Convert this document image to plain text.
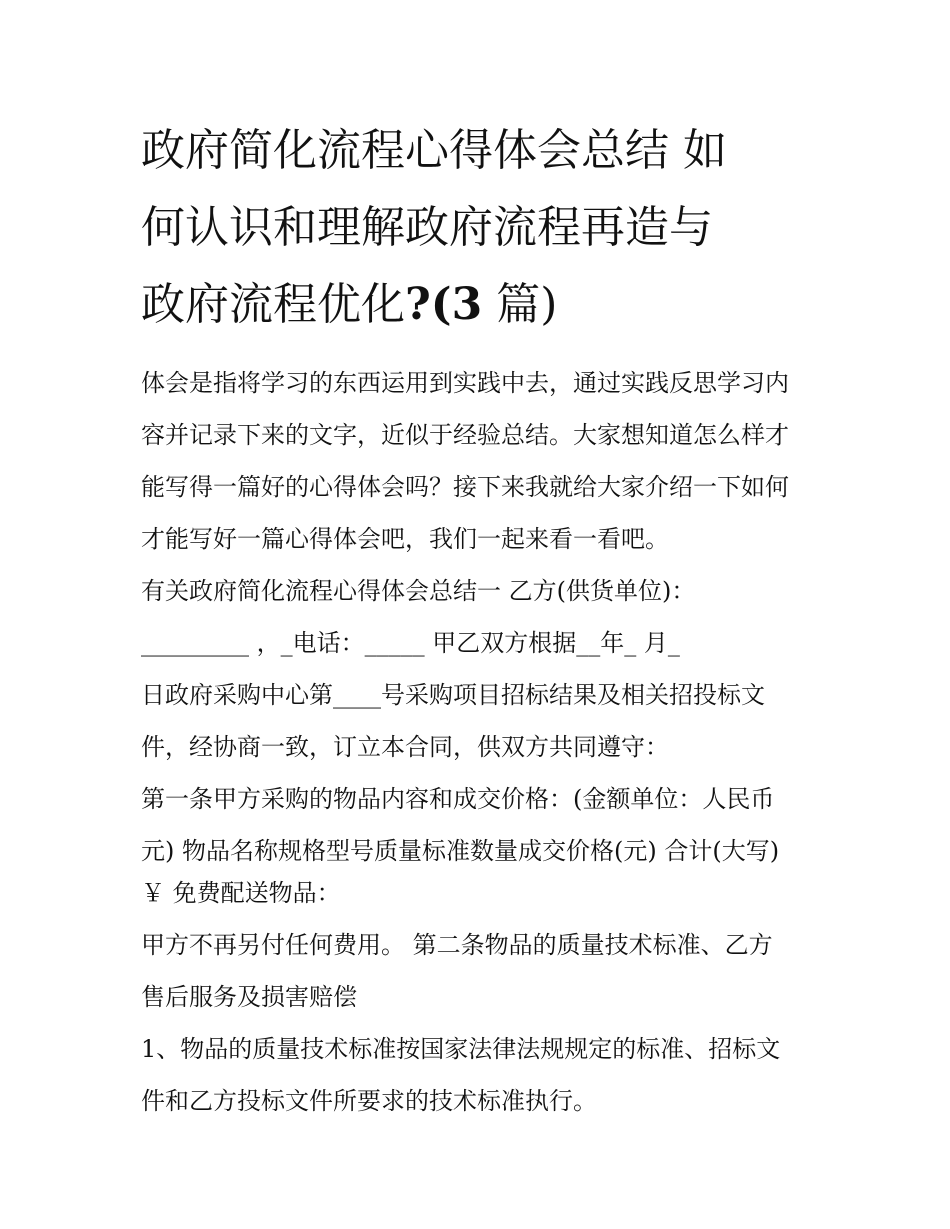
政府简化流程心得体会总结 如
何认识和理解政府流程再造与
政府流程优化?(3 篇)

体会是指将学习的东西运用到实践中去，通过实践反思学习内

容并记录下来的文字，近似于经验总结。大家想知道怎么样才

能写得一篇好的心得体会吗？接下来我就给大家介绍一下如何

才能写好一篇心得体会吧，我们一起来看一看吧。

有关政府简化流程心得体会总结一 乙方(供货单位)：

_________ ，_电话：_____ 甲乙双方根据__年_ 月_

日政府采购中心第____号采购项目招标结果及相关招投标文

件，经协商一致，订立本合同，供双方共同遵守：

第一条甲方采购的物品内容和成交价格：(金额单位：人民币

元) 物品名称规格型号质量标准数量成交价格(元) 合计(大写)

￥ 免费配送物品：

甲方不再另付任何费用。 第二条物品的质量技术标准、乙方

售后服务及损害赔偿

1、物品的质量技术标准按国家法律法规规定的标准、招标文

件和乙方投标文件所要求的技术标准执行。
